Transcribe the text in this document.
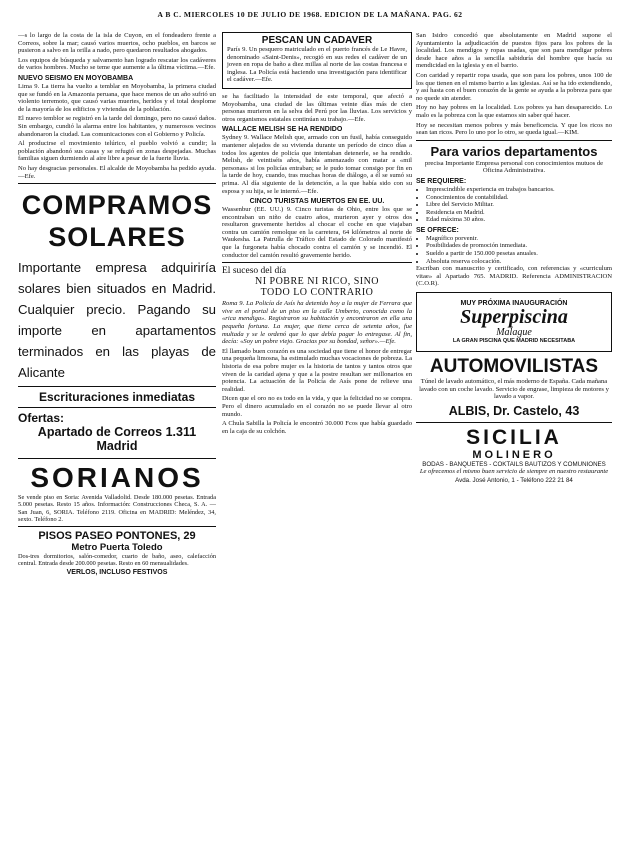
A B C. MIERCOLES 10 DE JULIO DE 1968. EDICION DE LA MAÑANA. PAG. 62

—s lo largo de la costa de la isla de Cuyon, en el fondeadero frente a Correos, sobre la mar; causó varios muertos, ocho pueblos, en barcos se pusieron a salvo en la orilla a nado, pero quedaron resultados ahogados.

Los equipos de búsqueda y salvamento han logrado rescatar los cadáveres de varios hombres. Mucho se teme que aumente a la última víctima.—Efe.

NUEVO SEISMO EN MOYOBAMBA

Lima 9. La tierra ha vuelto a temblar en Moyobamba, la primera ciudad que se fundó en la Amazonia peruana, que hace menos de un año sufrió un violento terremoto, que causó varias muertes, heridos y el total desplome de la mayoría de los edificios y viviendas de la población.

El nuevo temblor se registró en la tarde del domingo, pero no causó daños. Sin embargo, cundió la alarma entre los habitantes, y numerosos vecinos abandonaron la ciudad. Las comunicaciones con el Gobierno y Policía.

Al producirse el movimiento telúrico, el pueblo volvió a cundir; la población abandonó sus casas y se refugió en zonas despejadas. Muchas familias siguen durmiendo al aire libre a pesar de la fuerte lluvia.

No hay desgracias personales. El alcalde de Moyobamba ha pedido ayuda.—Efe.

COMPRAMOS
SOLARES
Importante empresa adquiriría solares bien situados en Madrid. Cualquier precio. Pagando su importe en apartamentos terminados en las playas de Alicante
Escrituraciones inmediatas
Ofertas:
Apartado de Correos 1.311
Madrid
SORIANOS

Se vende piso en Soria: Avenida Valladolid. Desde 180.000 pesetas. Entrada 5.000 pesetas. Resto 15 años. Información: Construcciones Checa, S. A. — San Juan, 6, SORIA. Teléfono 2119. Oficina en MADRID: Meléndez, 34, sexto. Teléfono 2.

PISOS PASEO PONTONES, 29
Metro Puerta Toledo

Dos-tres dormitorios, salón-comedor, cuarto de baño, aseo, calefacción central. Entrada desde 200.000 pesetas. Resto en 60 mensualidades.

VERLOS, INCLUSO FESTIVOS
PESCAN UN CADAVER

París 9. Un pesquero matriculado en el puerto francés de Le Havre, denominado «Saint-Denis», recogió en sus redes el cadáver de un joven en ropa de baño a diez millas al norte de las costas francesa e inglesa. La Policía está haciendo una investigación para identificar el cadáver.—Efe.

se ha facilitado la intensidad de este temporal, que afectó a Moyobamba, una ciudad de las últimas veinte días más de cien personas murieron en la selva del Perú por las lluvias. Los servicios y otros organismos estatales continúan su trabajo.—Efe.

WALLACE MELISH SE HA RENDIDO

Sydney 9. Wallace Melish que, armado con un fusil, había conseguido mantener alejados de su vivienda durante un período de cinco días a todos los agentes de policía que intentaban detenerle, se ha rendido. Melish, de veintiséis años, había amenazado con matar a «mil personas» si los policías entraban; se le pudo tomar consigo por fin en la tarde de hoy, cuando, tras muchas horas de diálogo, a él se sumó su prima. Al día siguiente de la detención, a la que había sido con su esposa y su hija, se le internó.—Efe.

CINCO TURISTAS MUERTOS EN EE. UU.

Wassenbur (EE. UU.) 9. Cinco turistas de Ohio, entre los que se encontraban un niño de cuatro años, murieron ayer y otros dos resultaron gravemente heridos al chocar el coche en que viajaban contra un camión remolque en la carretera, 64 kilómetros al norte de Waukesha. La Patrulla de Tráfico del Estado de Colorado manifestó que la furgoneta había chocado contra el camión y se incendió. El conductor del camión resultó gravemente herido.

El suceso del día
NI POBRE NI RICO, SINO
TODO LO CONTRARIO

Roma 9. La Policía de Asís ha detenido hoy a la mujer de Ferrara que vive en el portal de un piso en la calle Umberto, conocida como la «rica mendiga». Registraron su habitación y encontraron en ella una pequeña fortuna. La mujer, que tiene cerca de setenta años, fue multada y se le ordenó que lo que debía pagar lo entregase. Al fin, decía: «Soy un pobre viejo. Gracias por su bondad, señor».—Efe.

El llamado buen corazón es una sociedad que tiene el honor de entregar una pequeña limosna, ha estimulado muchas vocaciones de pobreza. La historia de esa pobre mujer es la historia de tantos y tantos otros que viven de la caridad ajena y que a la postre resultan ser millonarios en potencia. La actuación de la Policía de Asís pone de relieve una realidad.

Dicen que el oro no es todo en la vida, y que la felicidad no se compra. Pero el dinero acumulado en el corazón no se puede llevar al otro mundo.

A Chula Sabilla la Policía le encontró 30.000 Fcos que había guardado en la caja de su colchón.

San Isidro concedió que absolutamente en Madrid supone el Ayuntamiento la adjudicación de puestos fijos para los pobres de la localidad. Los mendigos y ropas usadas, que son para mendigar pobres desde hace años a la sencilla sabiduría del hombre que hacía su mendicidad en la iglesia y en el barrio.

Con caridad y repartir ropa usada, que son para los pobres, unos 100 de los que tienen en el mismo barrio a las iglesias. Así se ha ido extendiendo, y así hasta con el buen corazón de la gente se ayuda a la pobreza para que no quede sin atender.

Hoy no hay pobres en la localidad. Los pobres ya han desaparecido. Lo malo es la pobreza con la que estamos sin saber qué hacer.

Hoy se necesitan menos pobres y más beneficencia. Y que los ricos no sean tan ricos. Pero lo uno por lo otro, se queda igual.—KIM.

Para varios departamentos

precisa Importante Empresa personal con conocimientos mutuos de Oficina Administrativa.

SE REQUIERE:
• Imprescindible experiencia en trabajos bancarios.
• Conocimientos de contabilidad.
• Libre del Servicio Militar.
• Residencia en Madrid.
• Edad máxima 30 años.
SE OFRECE:
• Magnífico porvenir.
• Posibilidades de promoción inmediata.
• Sueldo a partir de 150.000 pesetas anuales.
• Absoluta reserva colocación.

Escriban con manuscrito y certificado, con referencias y «curriculum vitae» al Apartado 765. MADRID. Referencia ADMINISTRACION (C.O.R).

MUY PRÓXIMA INAUGURACIÓN
Superpiscina
Malague
LA GRAN PISCINA QUE MADRID NECESITABA
AUTOMOVILISTAS

Túnel de lavado automático, el más moderno de España. Cada mañana lavado con un coche lavado. Servicio de engrase, limpieza de motores y lavado a vapor.

ALBIS, Dr. Castelo, 43
SICILIA
MOLINERO
BODAS - BANQUETES - COKTAILS BAUTIZOS Y COMUNIONES

Le ofrecemos el mismo buen servicio de siempre en nuestro restaurante

Avda. José Antonio, 1 - Teléfono 222 21 84
